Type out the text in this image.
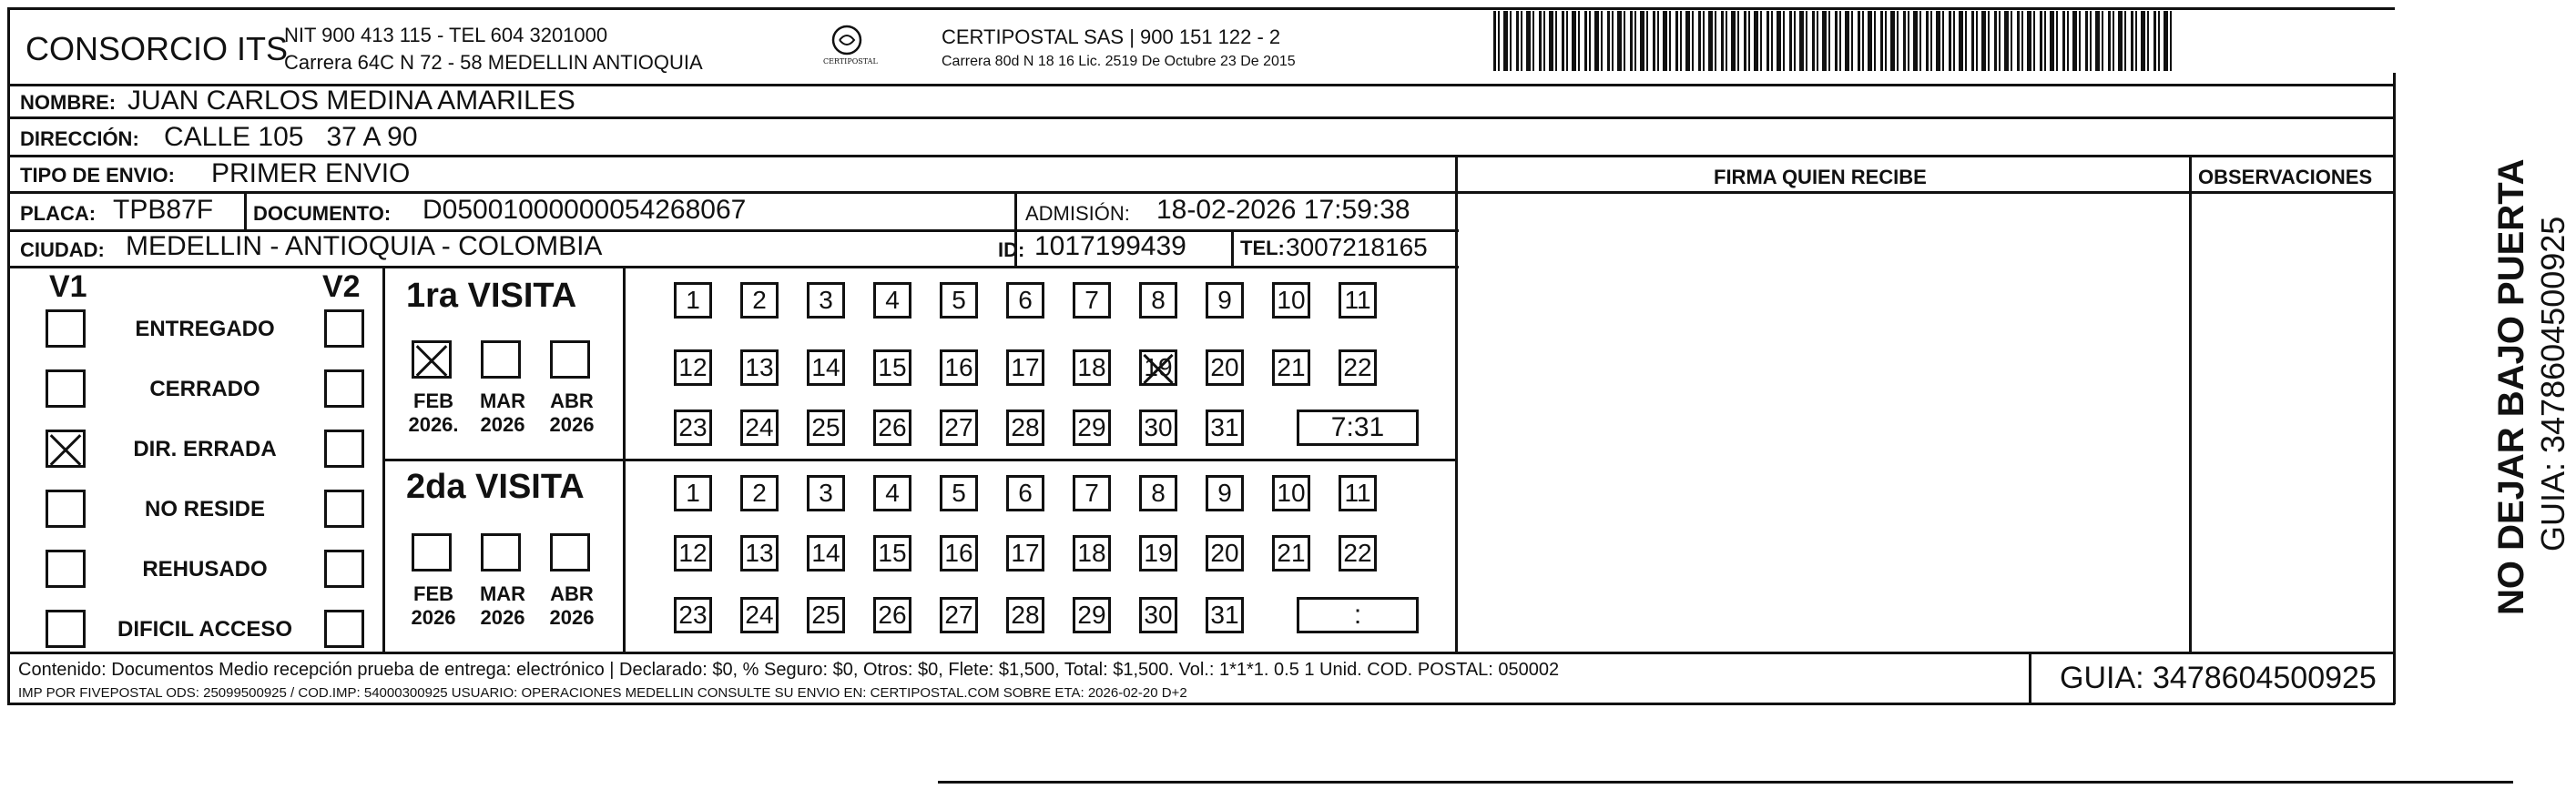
CONSORCIO ITS
NIT 900 413 115 - TEL 604 3201000
Carrera 64C N 72 - 58 MEDELLIN ANTIOQUIA	CERTIPOSTAL
CERTIPOSTAL SAS | 900 151 122 - 2
Carrera 80d N 18 16 Lic. 2519 De Octubre 23 De 2015
NOMBRE: JUAN CARLOS MEDINA AMARILES
DIRECCIÓN: CALLE 105   37 A 90
TIPO DE ENVIO: PRIMER ENVIO
PLACA: TPB87F DOCUMENTO: D05001000000054268067	ADMISIÓN: 18-02-2026 17:59:38
CIUDAD: MEDELLIN - ANTIOQUIA - COLOMBIA	ID: 1017199439	TEL: 3007218165
FIRMA QUIEN RECIBE	OBSERVACIONES
V1	V2
ENTREGADO
CERRADO
DIR. ERRADA
NO RESIDE
REHUSADO
DIFICIL ACCESO
1ra VISITA
2da VISITA
FEB
2026.
MAR
2026
ABR
2026
FEB
2026
MAR
2026
ABR
2026
1	2	3	4	5	6	7	8	9	10 11
12 13 14 15 16 17 18 19 20 21 22
23 24 25 26 27 28 29 30 31	7:31
1	2	3	4	5	6	7	8	9	10 11
12 13 14 15 16 17 18 19 20 21 22
23 24 25 26 27 28 29 30 31	:
Contenido: Documentos Medio recepción prueba de entrega: electrónico | Declarado: $0, % Seguro: $0, Otros: $0, Flete: $1,500, Total: $1,500. Vol.: 1*1*1. 0.5 1 Unid. COD. POSTAL: 050002
IMP POR FIVEPOSTAL ODS: 25099500925 / COD.IMP: 54000300925 USUARIO: OPERACIONES MEDELLIN CONSULTE SU ENVIO EN: CERTIPOSTAL.COM SOBRE ETA: 2026-02-20 D+2	GUIA: 3478604500925
NO DEJAR BAJO PUERTA GUIA: 3478604500925
